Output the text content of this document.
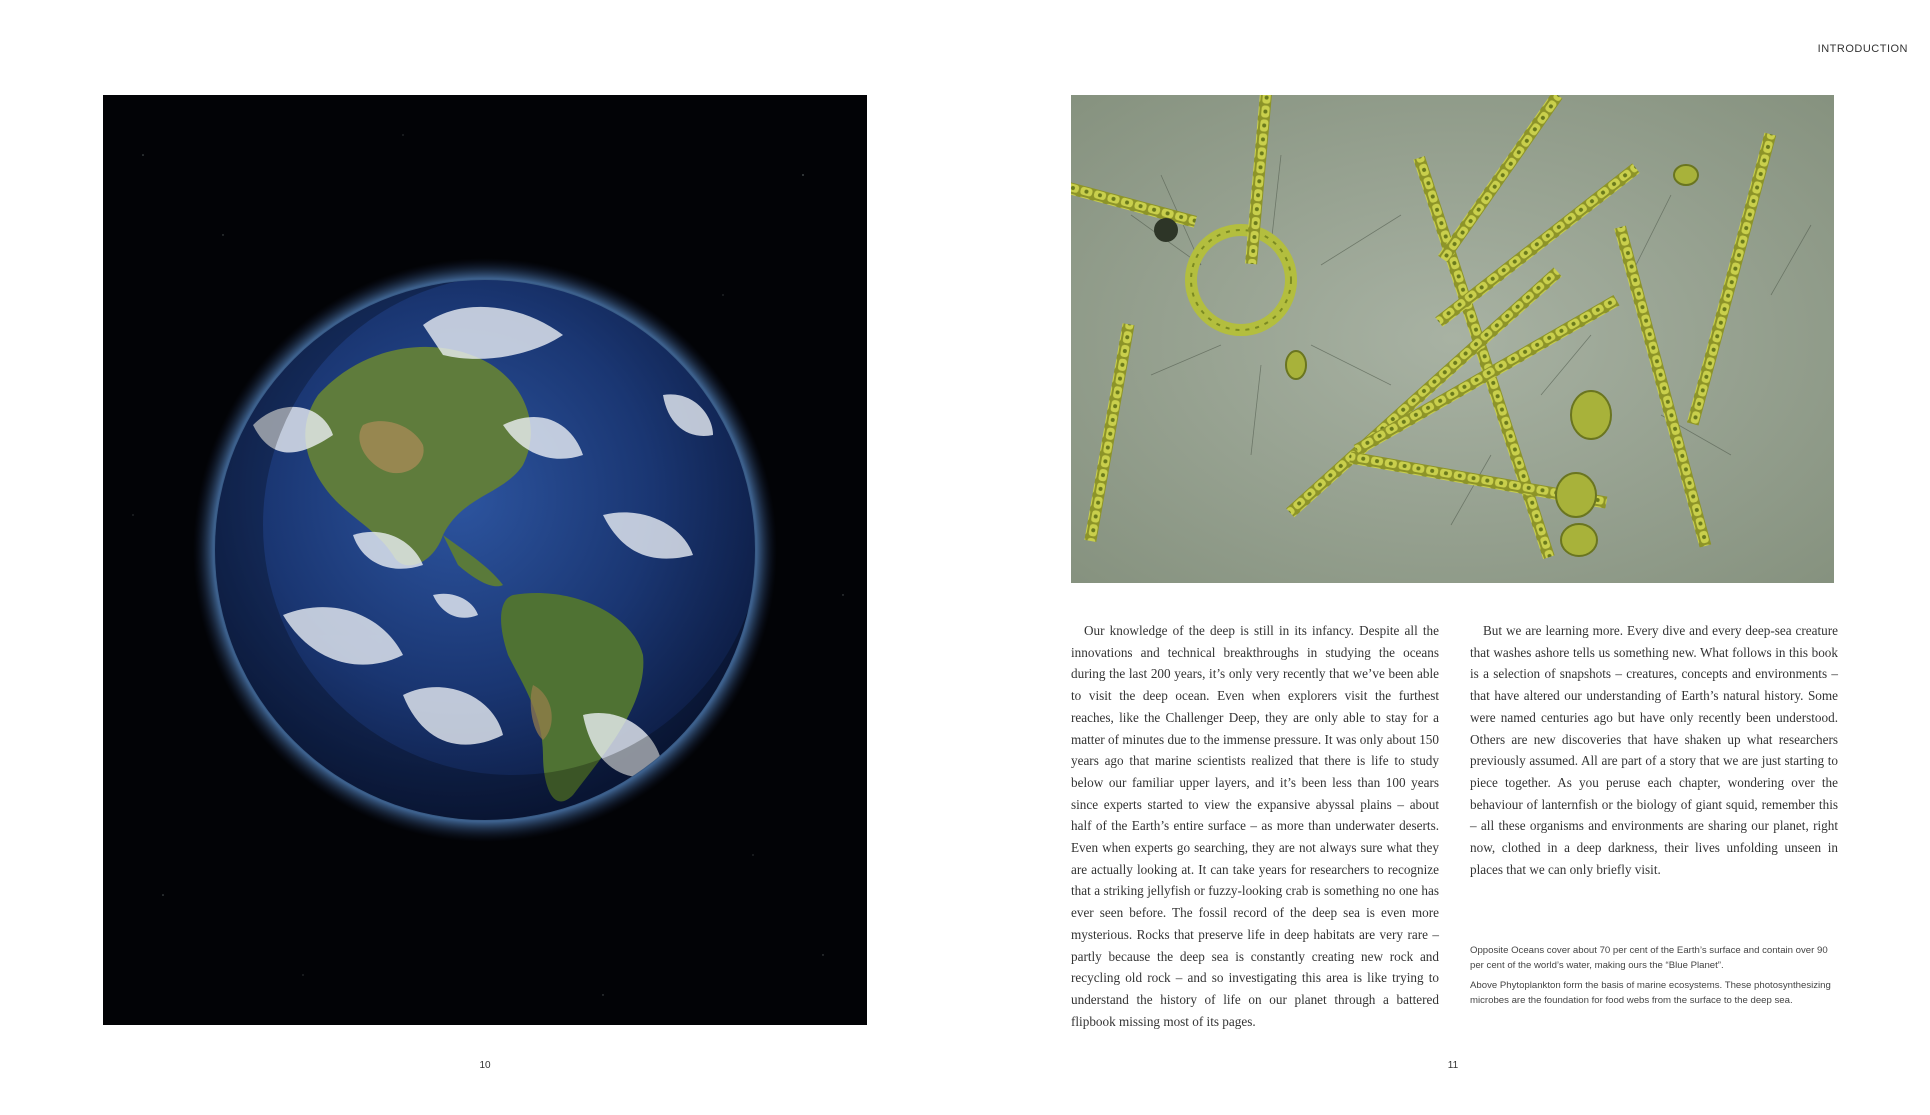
10
INTRODUCTION

Our knowledge of the deep is still in its infancy. Despite all the innovations and technical breakthroughs in studying the oceans during the last 200 years, it’s only very recently that we’ve been able to visit the deep ocean. Even when explorers visit the furthest reaches, like the Challenger Deep, they are only able to stay for a matter of minutes due to the immense pressure. It was only about 150 years ago that marine scientists realized that there is life to study below our familiar upper layers, and it’s been less than 100 years since experts started to view the expansive abyssal plains – about half of the Earth’s entire surface – as more than underwater deserts. Even when experts go searching, they are not always sure what they are actually looking at. It can take years for researchers to recognize that a striking jellyfish or fuzzy-looking crab is something no one has ever seen before. The fossil record of the deep sea is even more mysterious. Rocks that preserve life in deep habitats are very rare – partly because the deep sea is constantly creating new rock and recycling old rock – and so investigating this area is like trying to understand the history of life on our planet through a battered flipbook missing most of its pages.

But we are learning more. Every dive and every deep-sea creature that washes ashore tells us something new. What follows in this book is a selection of snapshots – creatures, concepts and environments – that have altered our understanding of Earth’s natural history. Some were named centuries ago but have only recently been understood. Others are new discoveries that have shaken up what researchers previously assumed. All are part of a story that we are just starting to piece together. As you peruse each chapter, wondering over the behaviour of lanternfish or the biology of giant squid, remember this – all these organisms and environments are sharing our planet, right now, clothed in a deep darkness, their lives unfolding unseen in places that we can only briefly visit.

Opposite Oceans cover about 70 per cent of the Earth’s surface and contain over 90 per cent of the world’s water, making ours the “Blue Planet”.

Above Phytoplankton form the basis of marine ecosystems. These photosynthesizing microbes are the foundation for food webs from the surface to the deep sea.

11
